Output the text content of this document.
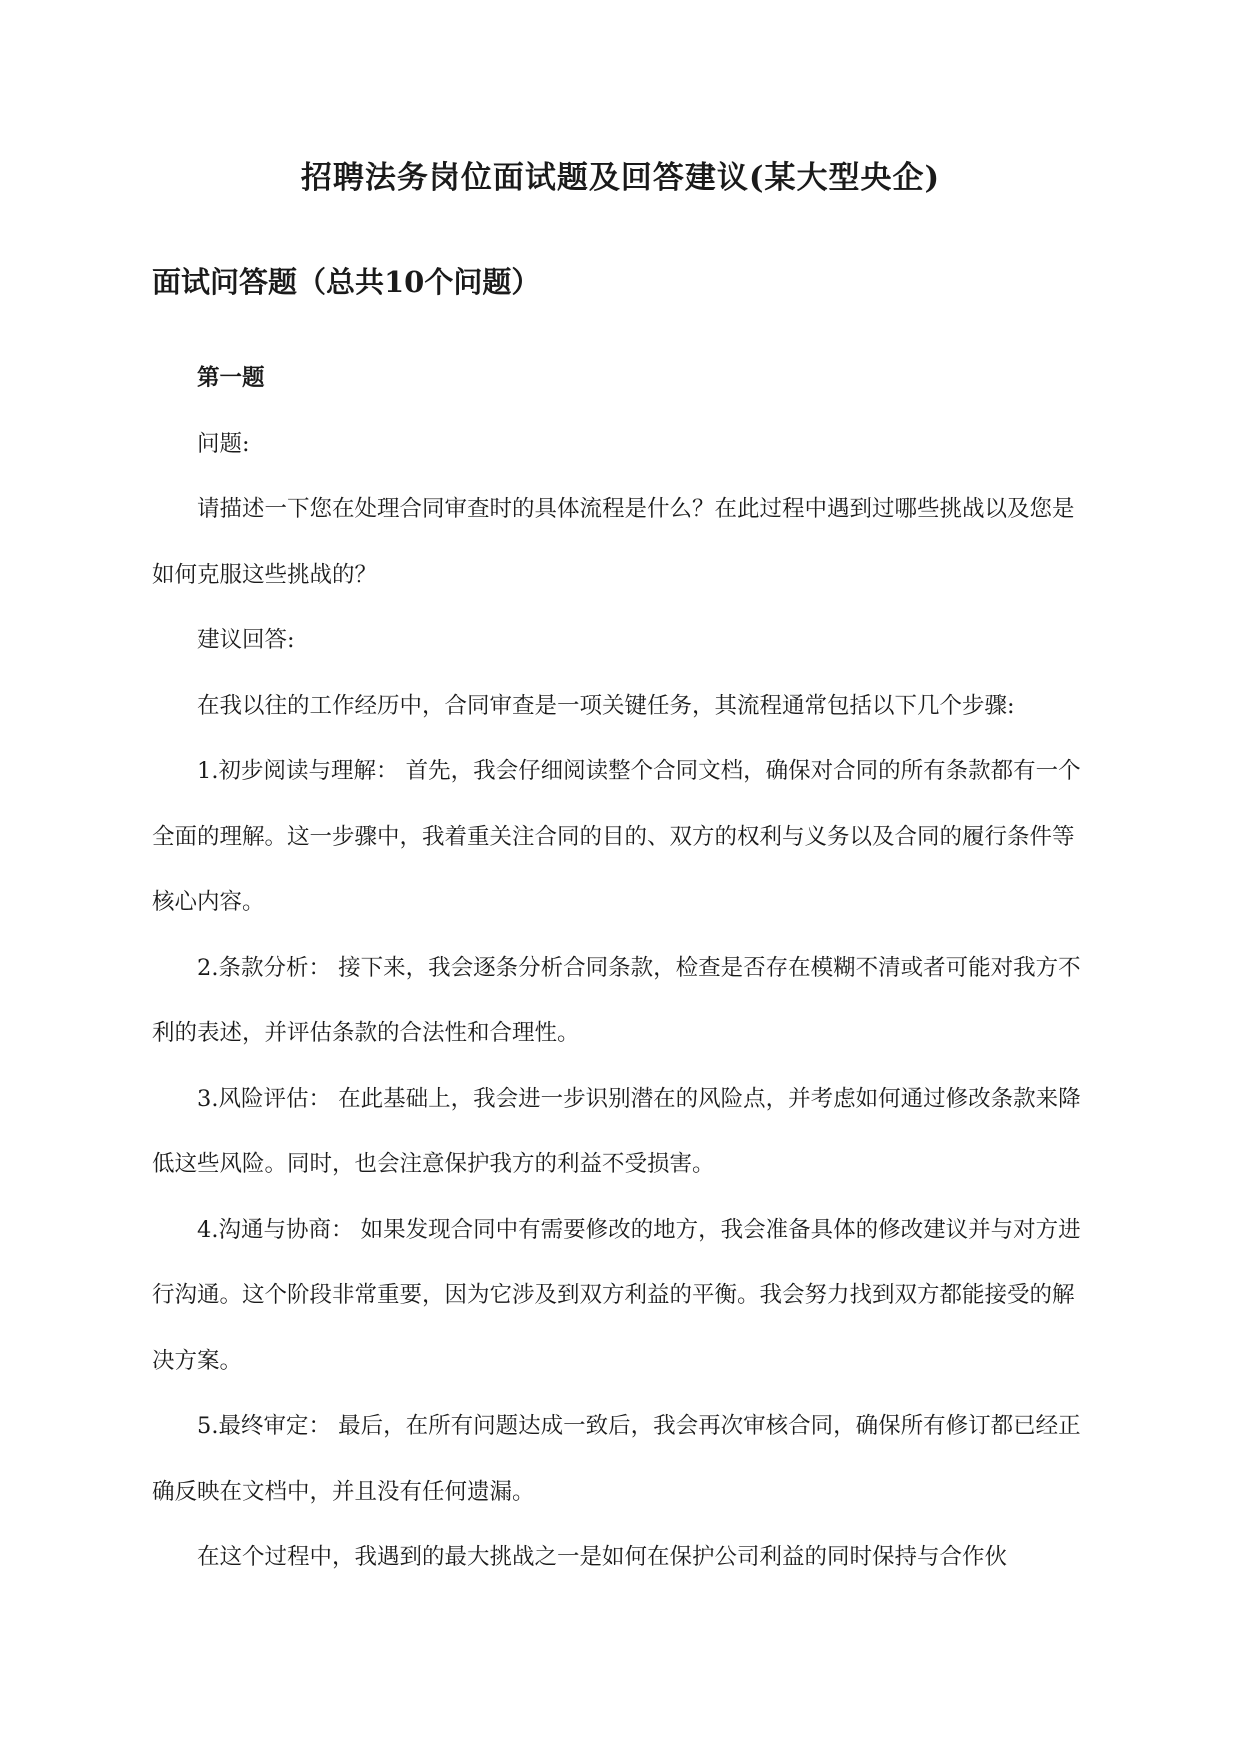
招聘法务岗位面试题及回答建议(某大型央企)
面试问答题（总共10个问题）

第一题

问题:

请描述一下您在处理合同审查时的具体流程是什么？在此过程中遇到过哪些挑战以及您是如何克服这些挑战的？

建议回答:

在我以往的工作经历中，合同审查是一项关键任务，其流程通常包括以下几个步骤:

1.初步阅读与理解： 首先，我会仔细阅读整个合同文档，确保对合同的所有条款都有一个全面的理解。这一步骤中，我着重关注合同的目的、双方的权利与义务以及合同的履行条件等核心内容。

2.条款分析： 接下来，我会逐条分析合同条款，检查是否存在模糊不清或者可能对我方不利的表述，并评估条款的合法性和合理性。

3.风险评估： 在此基础上，我会进一步识别潜在的风险点，并考虑如何通过修改条款来降低这些风险。同时，也会注意保护我方的利益不受损害。

4.沟通与协商： 如果发现合同中有需要修改的地方，我会准备具体的修改建议并与对方进行沟通。这个阶段非常重要，因为它涉及到双方利益的平衡。我会努力找到双方都能接受的解决方案。

5.最终审定： 最后，在所有问题达成一致后，我会再次审核合同，确保所有修订都已经正确反映在文档中，并且没有任何遗漏。

在这个过程中，我遇到的最大挑战之一是如何在保护公司利益的同时保持与合作伙
